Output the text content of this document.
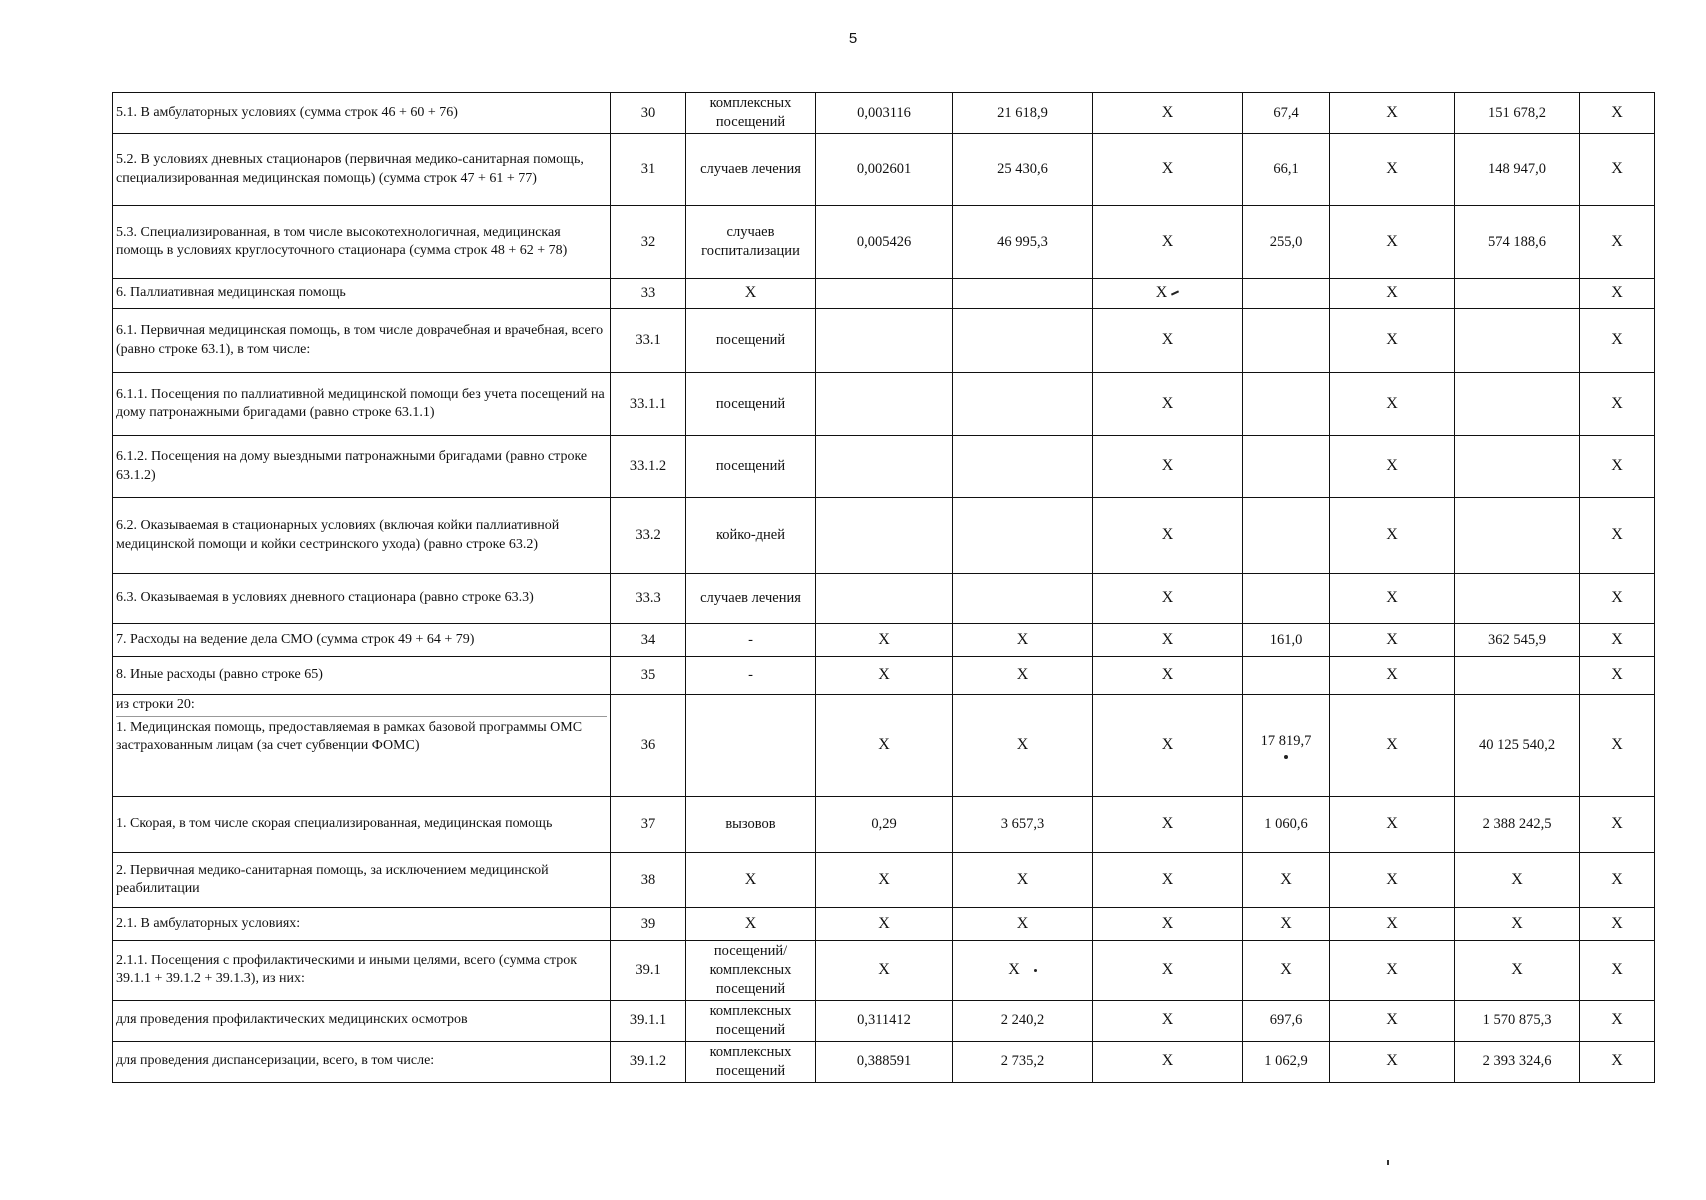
5
5.1. В амбулаторных условиях (сумма строк 46 + 60 + 76)	30	комплексных посещений	0,003116	21 618,9	X	67,4	X	151 678,2	X
5.2. В условиях дневных стационаров (первичная медико-санитарная помощь, специализированная медицинская помощь) (сумма строк 47 + 61 + 77)	31	случаев лечения	0,002601	25 430,6	X	66,1	X	148 947,0	X
5.3. Специализированная, в том числе высокотехнологичная, медицинская помощь в условиях круглосуточного стационара (сумма строк 48 + 62 + 78)	32	случаев госпитализации	0,005426	46 995,3	X	255,0	X	574 188,6	X
6. Паллиативная медицинская помощь	33	X			X		X		X
6.1. Первичная медицинская помощь, в том числе доврачебная и врачебная, всего (равно строке 63.1), в том числе:	33.1	посещений			X		X		X
6.1.1. Посещения по паллиативной медицинской помощи без учета посещений на дому патронажными бригадами (равно строке 63.1.1)	33.1.1	посещений			X		X		X
6.1.2. Посещения на дому выездными патронажными бригадами (равно строке 63.1.2)	33.1.2	посещений			X		X		X
6.2. Оказываемая в стационарных условиях (включая койки паллиативной медицинской помощи и койки сестринского ухода) (равно строке 63.2)	33.2	койко-дней			X		X		X
6.3. Оказываемая в условиях дневного стационара (равно строке 63.3)	33.3	случаев лечения			X		X		X
7. Расходы на ведение дела СМО (сумма строк 49 + 64 + 79)	34	-	X	X	X	161,0	X	362 545,9	X
8. Иные расходы (равно строке 65)	35	-	X	X	X		X		X

из строки 20:
1. Медицинская помощь, предоставляемая в рамках базовой программы ОМС застрахованным лицам (за счет субвенции ФОМС)	36		X	X	X	17 819,7	X	40 125 540,2	X
1. Скорая, в том числе скорая специализированная, медицинская помощь	37	вызовов	0,29	3 657,3	X	1 060,6	X	2 388 242,5	X
2. Первичная медико-санитарная помощь, за исключением медицинской реабилитации	38	X	X	X	X	X	X	X	X
2.1. В амбулаторных условиях:	39	X	X	X	X	X	X	X	X
2.1.1. Посещения с профилактическими и иными целями, всего (сумма строк 39.1.1 + 39.1.2 + 39.1.3), из них:	39.1	посещений/ комплексных посещений	X	X	X	X	X	X	X
для проведения профилактических медицинских осмотров	39.1.1	комплексных посещений	0,311412	2 240,2	X	697,6	X	1 570 875,3	X
для проведения диспансеризации, всего, в том числе:	39.1.2	комплексных посещений	0,388591	2 735,2	X	1 062,9	X	2 393 324,6	X
